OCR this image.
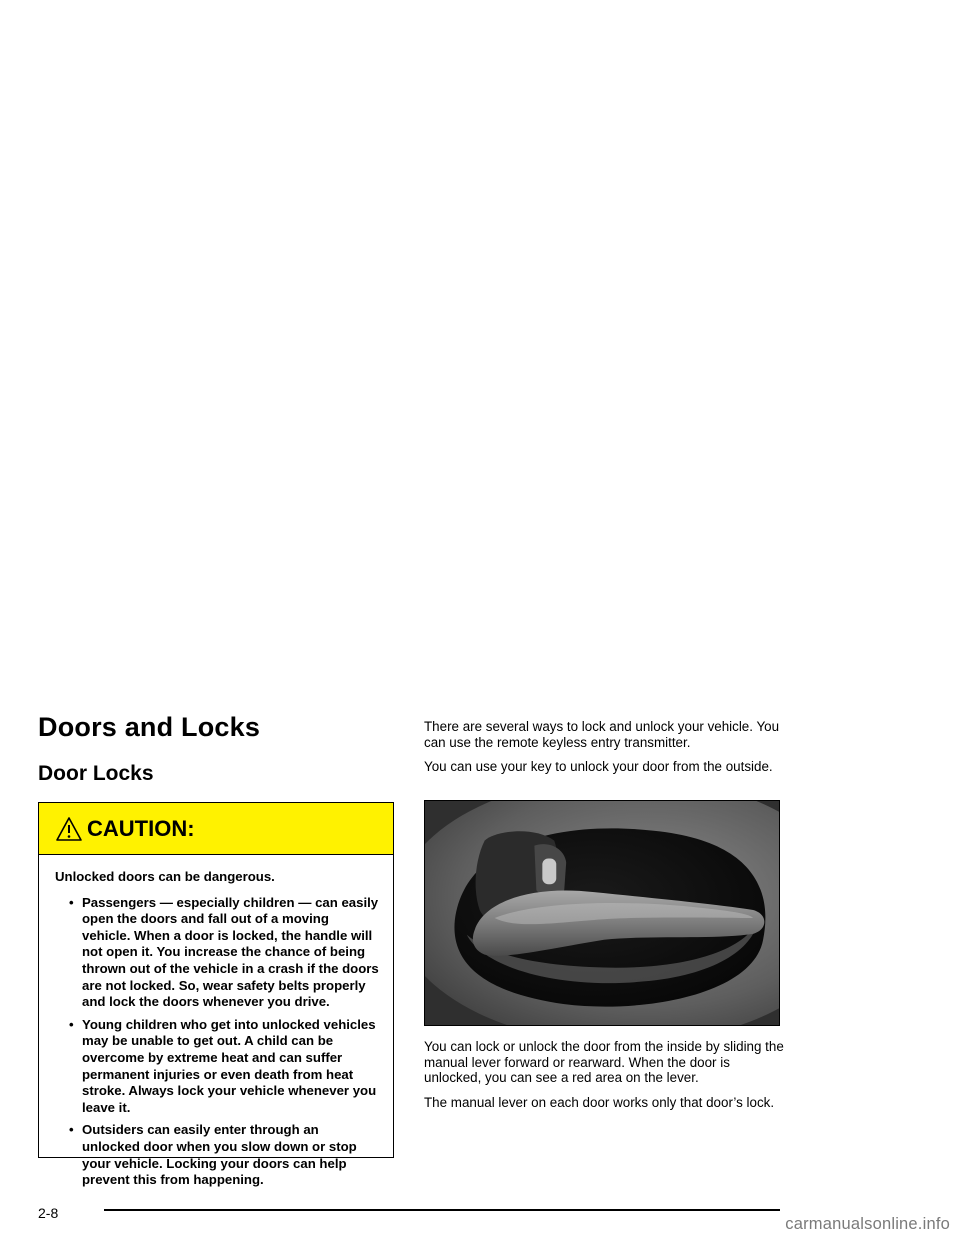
Doors and Locks
Door Locks
CAUTION:

Unlocked doors can be dangerous.

• Passengers — especially children — can easily open the doors and fall out of a moving vehicle. When a door is locked, the handle will not open it. You increase the chance of being thrown out of the vehicle in a crash if the doors are not locked. So, wear safety belts properly and lock the doors whenever you drive.
• Young children who get into unlocked vehicles may be unable to get out. A child can be overcome by extreme heat and can suffer permanent injuries or even death from heat stroke. Always lock your vehicle whenever you leave it.
• Outsiders can easily enter through an unlocked door when you slow down or stop your vehicle. Locking your doors can help prevent this from happening.

There are several ways to lock and unlock your vehicle. You can use the remote keyless entry transmitter.

You can use your key to unlock your door from the outside.

You can lock or unlock the door from the inside by sliding the manual lever forward or rearward. When the door is unlocked, you can see a red area on the lever.

The manual lever on each door works only that door’s lock.

2-8
carmanualsonline.info
